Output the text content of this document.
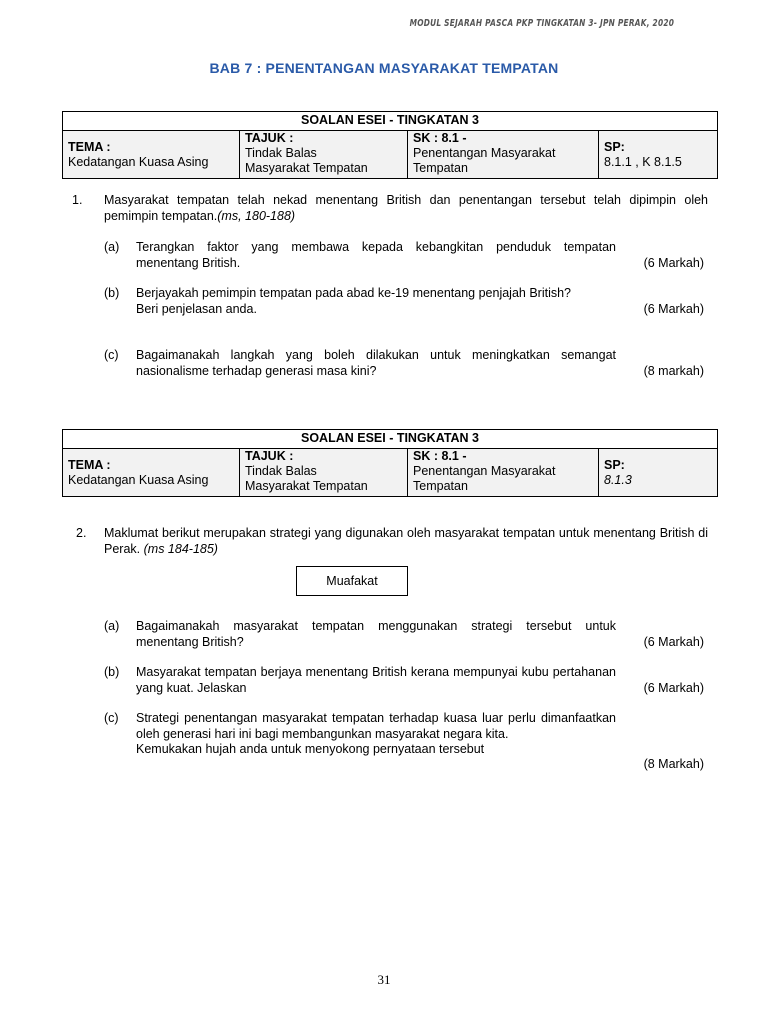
MODUL SEJARAH PASCA PKP TINGKATAN 3- JPN PERAK, 2020
BAB 7 : PENENTANGAN MASYARAKAT TEMPATAN
SOALAN ESEI - TINGKATAN 3

TEMA :
Kedatangan Kuasa Asing

TAJUK :
Tindak Balas
Masyarakat Tempatan

SK : 8.1 -
Penentangan Masyarakat
Tempatan

SP:
8.1.1 , K 8.1.5
1. Masyarakat tempatan telah nekad menentang British dan penentangan tersebut telah dipimpin oleh pemimpin tempatan.(ms, 180-188)
(a) Terangkan faktor yang membawa kepada kebangkitan penduduk tempatan menentang British.	(6 Markah)
(b) Berjayakah pemimpin tempatan pada abad ke-19 menentang penjajah British?
Beri penjelasan anda.	(6 Markah)
(c) Bagaimanakah langkah yang boleh dilakukan untuk meningkatkan semangat nasionalisme terhadap generasi masa kini?	(8 markah)
SOALAN ESEI - TINGKATAN 3

TEMA :
Kedatangan Kuasa Asing

TAJUK :
Tindak Balas
Masyarakat Tempatan

SK : 8.1 -
Penentangan Masyarakat
Tempatan

SP:
8.1.3
2. Maklumat berikut merupakan strategi yang digunakan oleh masyarakat tempatan untuk menentang British di Perak. (ms 184-185)
Muafakat
(a) Bagaimanakah masyarakat tempatan menggunakan strategi tersebut untuk menentang British?	(6 Markah)
(b) Masyarakat tempatan berjaya menentang British kerana mempunyai kubu pertahanan yang kuat. Jelaskan	(6 Markah)
(c) Strategi penentangan masyarakat tempatan terhadap kuasa luar perlu dimanfaatkan oleh generasi hari ini bagi membangunkan masyarakat negara kita.
Kemukakan hujah anda untuk menyokong pernyataan tersebut
(8 Markah)
31
